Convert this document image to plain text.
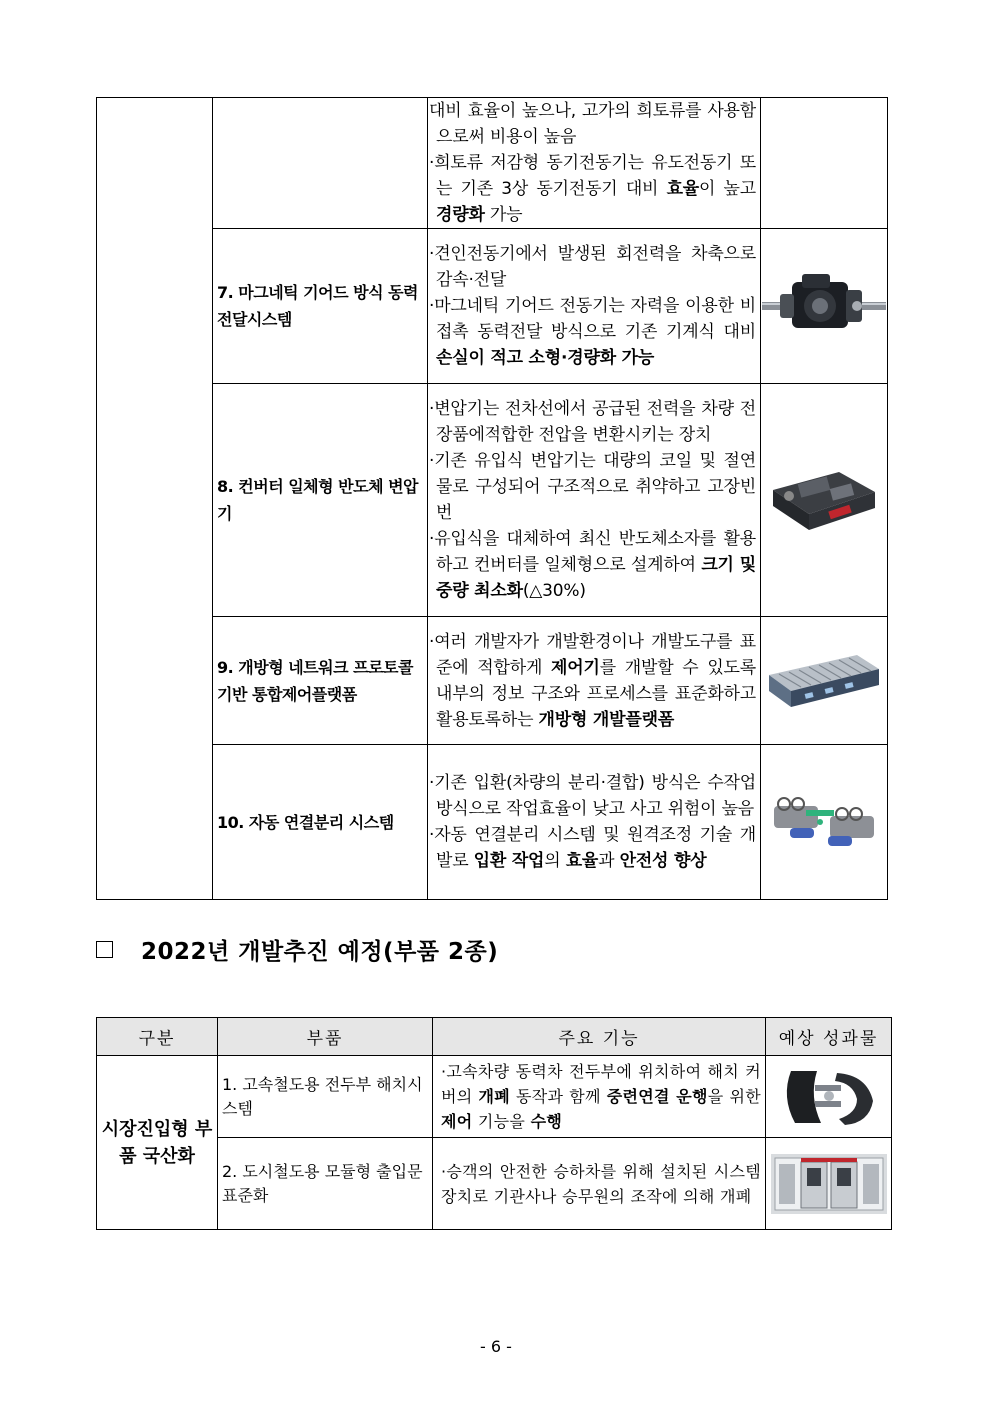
		대비 효율이 높으나, 고가의 희토류를 사용함으로써 비용이 높음
·희토류 저감형 동기전동기는 유도전동기 또는 기존 3상 동기전동기 대비 효율이 높고 경량화 가능	

	7. 마그네틱 기어드 방식 동력전달시스템	·견인전동기에서 발생된 회전력을 차축으로 감속·전달
·마그네틱 기어드 전동기는 자력을 이용한 비접촉 동력전달 방식으로 기존 기계식 대비 손실이 적고 소형·경량화 가능

	8. 컨버터 일체형 반도체 변압기	·변압기는 전차선에서 공급된 전력을 차량 전장품에적합한 전압을 변환시키는 장치
·기존 유입식 변압기는 대량의 코일 및 절연물로 구성되어 구조적으로 취약하고 고장빈번
·유입식을 대체하여 최신 반도체소자를 활용하고 컨버터를 일체형으로 설계하여 크기 및 중량 최소화(△30%)

	9. 개방형 네트워크 프로토콜 기반 통합제어플랫폼	·여러 개발자가 개발환경이나 개발도구를 표준에 적합하게 제어기를 개발할 수 있도록 내부의 정보 구조와 프로세스를 표준화하고 활용토록하는 개방형 개발플랫폼

	10. 자동 연결분리 시스템	·기존 입환(차량의 분리·결합) 방식은 수작업 방식으로 작업효율이 낮고 사고 위험이 높음
·자동 연결분리 시스템 및 원격조정 기술 개발로 입환 작업의 효율과 안전성 향상

2022년 개발추진 예정(부품 2종)
구분	부품	주요 기능	예상 성과물
시장진입형 부품 국산화	1. 고속철도용 전두부 해치시스템	·고속차량 동력차 전두부에 위치하여 해치 커버의 개폐 동작과 함께 중련연결 운행을 위한 제어 기능을 수행	

	2. 도시철도용 모듈형 출입문 표준화	·승객의 안전한 승하차를 위해 설치된 시스템 장치로 기관사나 승무원의 조작에 의해 개폐	
- 6 -
